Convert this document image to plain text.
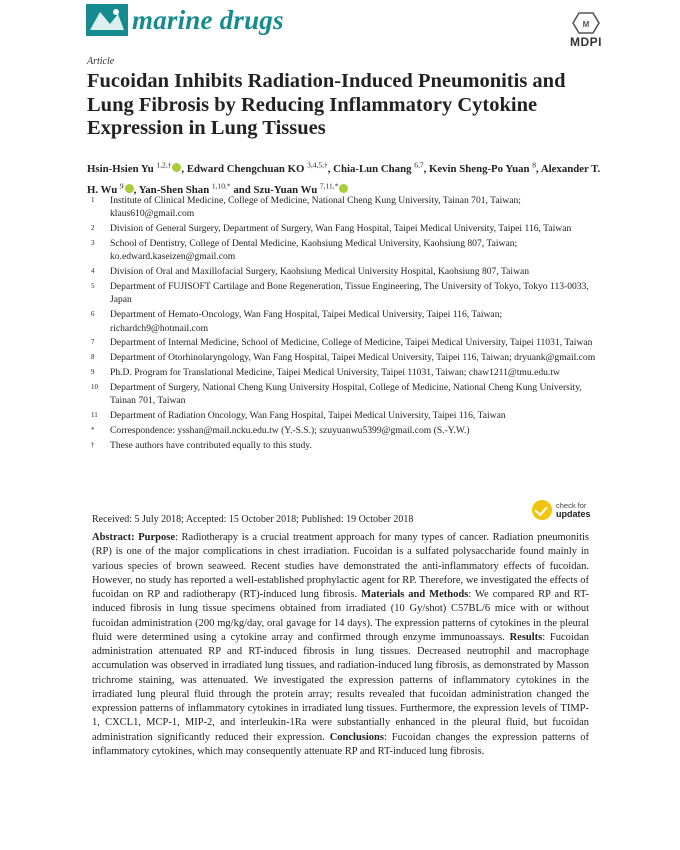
marine drugs	M
MDPI
Article
Fucoidan Inhibits Radiation-Induced Pneumonitis and Lung Fibrosis by Reducing Inflammatory Cytokine Expression in Lung Tissues
Hsin-Hsien Yu $^{1,2,\dagger}$ , Edward Chengchuan KO $^{3,4,5,\dagger}$, Chia-Lun Chang $^{6,7}$, Kevin Sheng-Po Yuan $^8$, Alexander T. H. Wu $^9$ , Yan-Shen Shan $^{1,10,*}$ and Szu-Yuan Wu $^{7,11,*}$
1	Institute of Clinical Medicine, College of Medicine, National Cheng Kung University, Tainan 701, Taiwan; klaus610@gmail.com
2	Division of General Surgery, Department of Surgery, Wan Fang Hospital, Taipei Medical University, Taipei 116, Taiwan
3	School of Dentistry, College of Dental Medicine, Kaohsiung Medical University, Kaohsiung 807, Taiwan; ko.edward.kaseizen@gmail.com
4	Division of Oral and Maxillofacial Surgery, Kaohsiung Medical University Hospital, Kaohsiung 807, Taiwan
5	Department of FUJISOFT Cartilage and Bone Regeneration, Tissue Engineering, The University of Tokyo, Tokyo 113-0033, Japan
6	Department of Hemato-Oncology, Wan Fang Hospital, Taipei Medical University, Taipei 116, Taiwan; richardch9@hotmail.com
7	Department of Internal Medicine, School of Medicine, College of Medicine, Taipei Medical University, Taipei 11031, Taiwan
8	Department of Otorhinolaryngology, Wan Fang Hospital, Taipei Medical University, Taipei 116, Taiwan; dryuank@gmail.com
9	Ph.D. Program for Translational Medicine, Taipei Medical University, Taipei 11031, Taiwan; chaw1211@tmu.edu.tw
10	Department of Surgery, National Cheng Kung University Hospital, College of Medicine, National Cheng Kung University, Tainan 701, Taiwan
11	Department of Radiation Oncology, Wan Fang Hospital, Taipei Medical University, Taipei 116, Taiwan
*	Correspondence: ysshan@mail.ncku.edu.tw (Y.-S.S.); szuyuanwu5399@gmail.com (S.-Y.W.)
†	These authors have contributed equally to this study.
Received: 5 July 2018; Accepted: 15 October 2018; Published: 19 October 2018
check for
updates
Abstract: Purpose: Radiotherapy is a crucial treatment approach for many types of cancer. Radiation pneumonitis (RP) is one of the major complications in chest irradiation. Fucoidan is a sulfated polysaccharide found mainly in various species of brown seaweed. Recent studies have demonstrated the anti-inflammatory effects of fucoidan. However, no study has reported a well-established prophylactic agent for RP. Therefore, we investigated the effects of fucoidan on RP and radiotherapy (RT)-induced lung fibrosis. Materials and Methods: We compared RP and RT-induced fibrosis in lung tissue specimens obtained from irradiated (10 Gy/shot) C57BL/6 mice with or without fucoidan administration (200 mg/kg/day, oral gavage for 14 days). The expression patterns of cytokines in the pleural fluid were determined using a cytokine array and confirmed through enzyme immunoassays. Results: Fucoidan administration attenuated RP and RT-induced fibrosis in lung tissues. Decreased neutrophil and macrophage accumulation was observed in irradiated lung tissues, and radiation-induced lung fibrosis, as demonstrated by Masson trichrome staining, was attenuated. We investigated the expression patterns of inflammatory cytokines in the irradiated lung pleural fluid through the protein array; results revealed that fucoidan administration changed the expression patterns of inflammatory cytokines in irradiated lung tissues. Furthermore, the expression levels of TIMP-1, CXCL1, MCP-1, MIP-2, and interleukin-1Ra were substantially enhanced in the pleural fluid, but fucoidan administration significantly reduced their expression. Conclusions: Fucoidan changes the expression patterns of inflammatory cytokines, which may consequently attenuate RP and RT-induced lung fibrosis.
